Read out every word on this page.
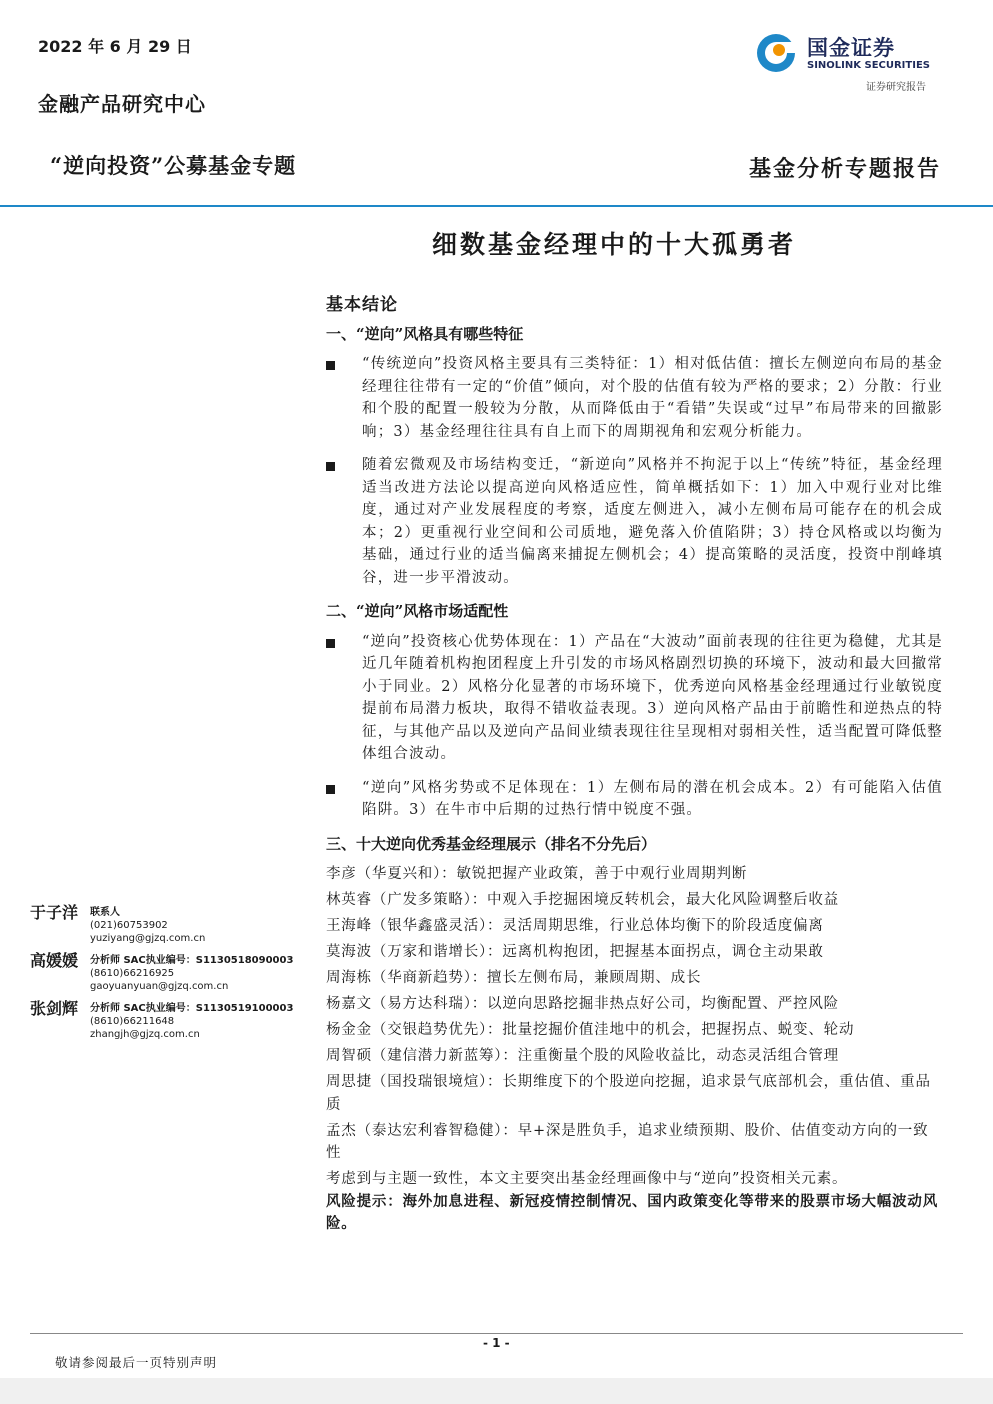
2022 年 6 月 29 日	国金证券
SINOLINK SECURITIES
证券研究报告
金融产品研究中心
“逆向投资”公募基金专题	基金分析专题报告
细数基金经理中的十大孤勇者
基本结论
一、“逆向”风格具有哪些特征
“传统逆向”投资风格主要具有三类特征：1）相对低估值：擅长左侧逆向布局的基金经理往往带有一定的“价值”倾向，对个股的估值有较为严格的要求；2）分散：行业和个股的配置一般较为分散，从而降低由于“看错”失误或“过早”布局带来的回撤影响；3）基金经理往往具有自上而下的周期视角和宏观分析能力。
随着宏微观及市场结构变迁，“新逆向”风格并不拘泥于以上“传统”特征，基金经理适当改进方法论以提高逆向风格适应性，简单概括如下：1）加入中观行业对比维度，通过对产业发展程度的考察，适度左侧进入，减小左侧布局可能存在的机会成本；2）更重视行业空间和公司质地，避免落入价值陷阱；3）持仓风格或以均衡为基础，通过行业的适当偏离来捕捉左侧机会；4）提高策略的灵活度，投资中削峰填谷，进一步平滑波动。
二、“逆向”风格市场适配性
“逆向”投资核心优势体现在：1）产品在“大波动”面前表现的往往更为稳健，尤其是近几年随着机构抱团程度上升引发的市场风格剧烈切换的环境下，波动和最大回撤常小于同业。2）风格分化显著的市场环境下，优秀逆向风格基金经理通过行业敏锐度提前布局潜力板块，取得不错收益表现。3）逆向风格产品由于前瞻性和逆热点的特征，与其他产品以及逆向产品间业绩表现往往呈现相对弱相关性，适当配置可降低整体组合波动。
“逆向”风格劣势或不足体现在：1）左侧布局的潜在机会成本。2）有可能陷入估值陷阱。3）在牛市中后期的过热行情中锐度不强。
三、十大逆向优秀基金经理展示（排名不分先后）
李彦（华夏兴和）：敏锐把握产业政策，善于中观行业周期判断
林英睿（广发多策略）：中观入手挖掘困境反转机会，最大化风险调整后收益
王海峰（银华鑫盛灵活）：灵活周期思维，行业总体均衡下的阶段适度偏离
莫海波（万家和谐增长）：远离机构抱团，把握基本面拐点，调仓主动果敢
周海栋（华商新趋势）：擅长左侧布局，兼顾周期、成长
杨嘉文（易方达科瑞）：以逆向思路挖掘非热点好公司，均衡配置、严控风险
杨金金（交银趋势优先）：批量挖掘价值洼地中的机会，把握拐点、蜕变、轮动
周智硕（建信潜力新蓝筹）：注重衡量个股的风险收益比，动态灵活组合管理
周思捷（国投瑞银境煊）：长期维度下的个股逆向挖掘，追求景气底部机会，重估值、重品质
孟杰（泰达宏利睿智稳健）：早+深是胜负手，追求业绩预期、股价、估值变动方向的一致性
考虑到与主题一致性，本文主要突出基金经理画像中与“逆向”投资相关元素。
风险提示：海外加息进程、新冠疫情控制情况、国内政策变化等带来的股票市场大幅波动风险。
于子洋	联系人
(021)60753902
yuziyang@gjzq.com.cn
高媛媛	分析师 SAC执业编号：S1130518090003
(8610)66216925
gaoyuanyuan@gjzq.com.cn
张剑辉	分析师 SAC执业编号：S1130519100003
(8610)66211648
zhangjh@gjzq.com.cn
- 1 -
敬请参阅最后一页特别声明
